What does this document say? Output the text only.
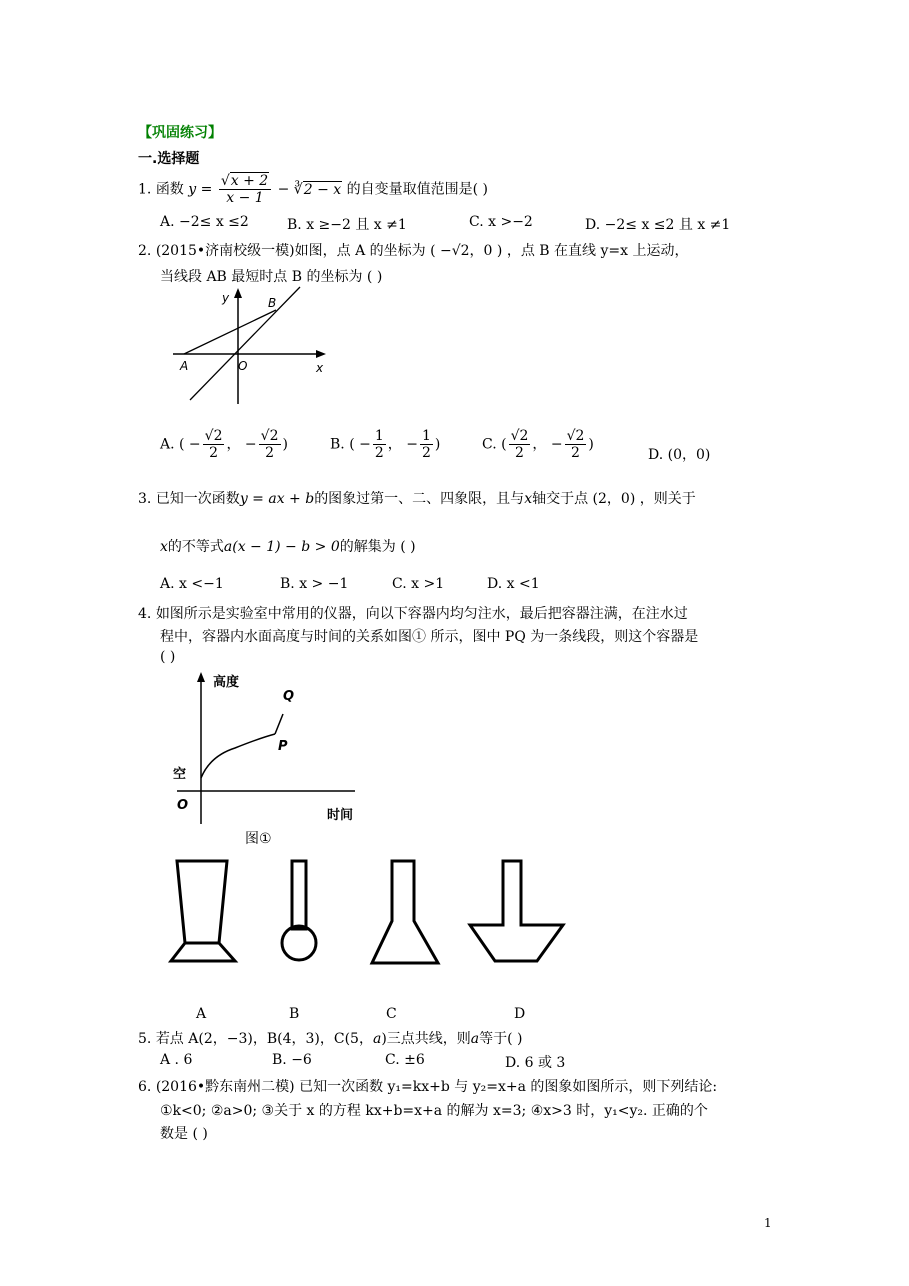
【巩固练习】
一.选择题
1. 函数 $y = \frac{√x + 2}{x - 1}$ − ∛2 − x 的自变量取值范围是( )
A. −2≤ x ≤2	B. x ≥−2 且 x ≠1	C. x >−2	D. −2≤ x ≤2 且 x ≠1
2. (2015•济南校级一模)如图，点 A 的坐标为 ( −√2，0 ) ，点 B 在直线 y=x 上运动，
当线段 AB 最短时点 B 的坐标为 ( )
y
x
O
A
B
A. ( − $\frac{√2}{2}$ ， − $\frac{√2}{2}$ )	B. ( − $\frac{1}{2}$ ， − $\frac{1}{2}$ )	C. ( $\frac{√2}{2}$ ， − $\frac{√2}{2}$ )
D. (0，0)
3. 已知一次函数y = ax + b的图象过第一、二、四象限，且与x轴交于点 (2，0) ，则关于
x的不等式a(x − 1) − b > 0的解集为 ( )
A. x <−1	B. x > −1	C. x >1	D. x <1
4. 如图所示是实验室中常用的仪器，向以下容器内均匀注水，最后把容器注满，在注水过
程中，容器内水面高度与时间的关系如图① 所示，图中 PQ 为一条线段，则这个容器是
( )
高度
时间
空
O
P
Q
图①
A	B	C	D
5. 若点 A(2，−3)，B(4，3)，C(5，a)三点共线，则a等于( )
A . 6	B. −6	C. ±6	D. 6 或 3
6. (2016•黔东南州二模) 已知一次函数 y₁=kx+b 与 y₂=x+a 的图象如图所示，则下列结论:
①k<0; ②a>0; ③关于 x 的方程 kx+b=x+a 的解为 x=3; ④x>3 时，y₁<y₂. 正确的个
数是 ( )
1
